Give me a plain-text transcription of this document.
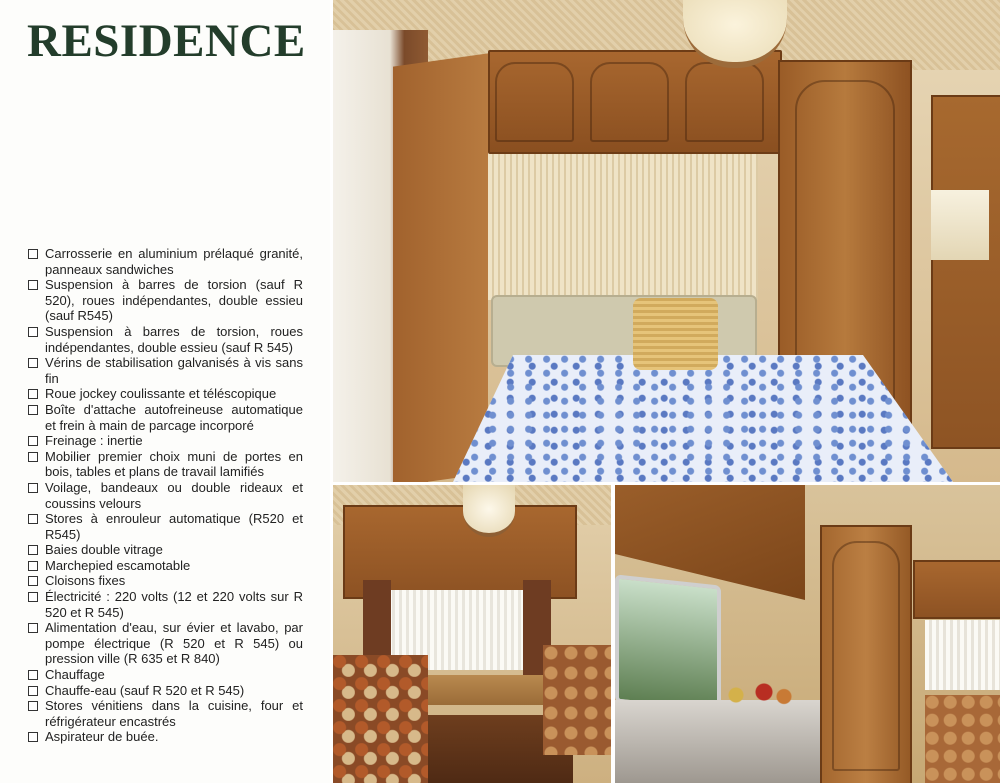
RESIDENCE
Carrosserie en aluminium prélaqué granité, panneaux sandwiches
Suspension à barres de torsion (sauf R 520), roues indépendantes, double essieu (sauf R545)
Suspension à barres de torsion, roues indépendantes, double essieu (sauf R 545)
Vérins de stabilisation galvanisés à vis sans fin
Roue jockey coulissante et téléscopique
Boîte d'attache autofreineuse automatique et frein à main de parcage incorporé
Freinage : inertie
Mobilier premier choix muni de portes en bois, tables et plans de travail lamifiés
Voilage, bandeaux ou double rideaux et coussins velours
Stores à enrouleur automatique (R520 et R545)
Baies double vitrage
Marchepied escamotable
Cloisons fixes
Électricité : 220 volts (12 et 220 volts sur R 520 et R 545)
Alimentation d'eau, sur évier et lavabo, par pompe électrique (R 520 et R 545) ou pression ville (R 635 et R 840)
Chauffage
Chauffe-eau (sauf R 520 et R 545)
Stores vénitiens dans la cuisine, four et réfrigérateur encastrés
Aspirateur de buée.
